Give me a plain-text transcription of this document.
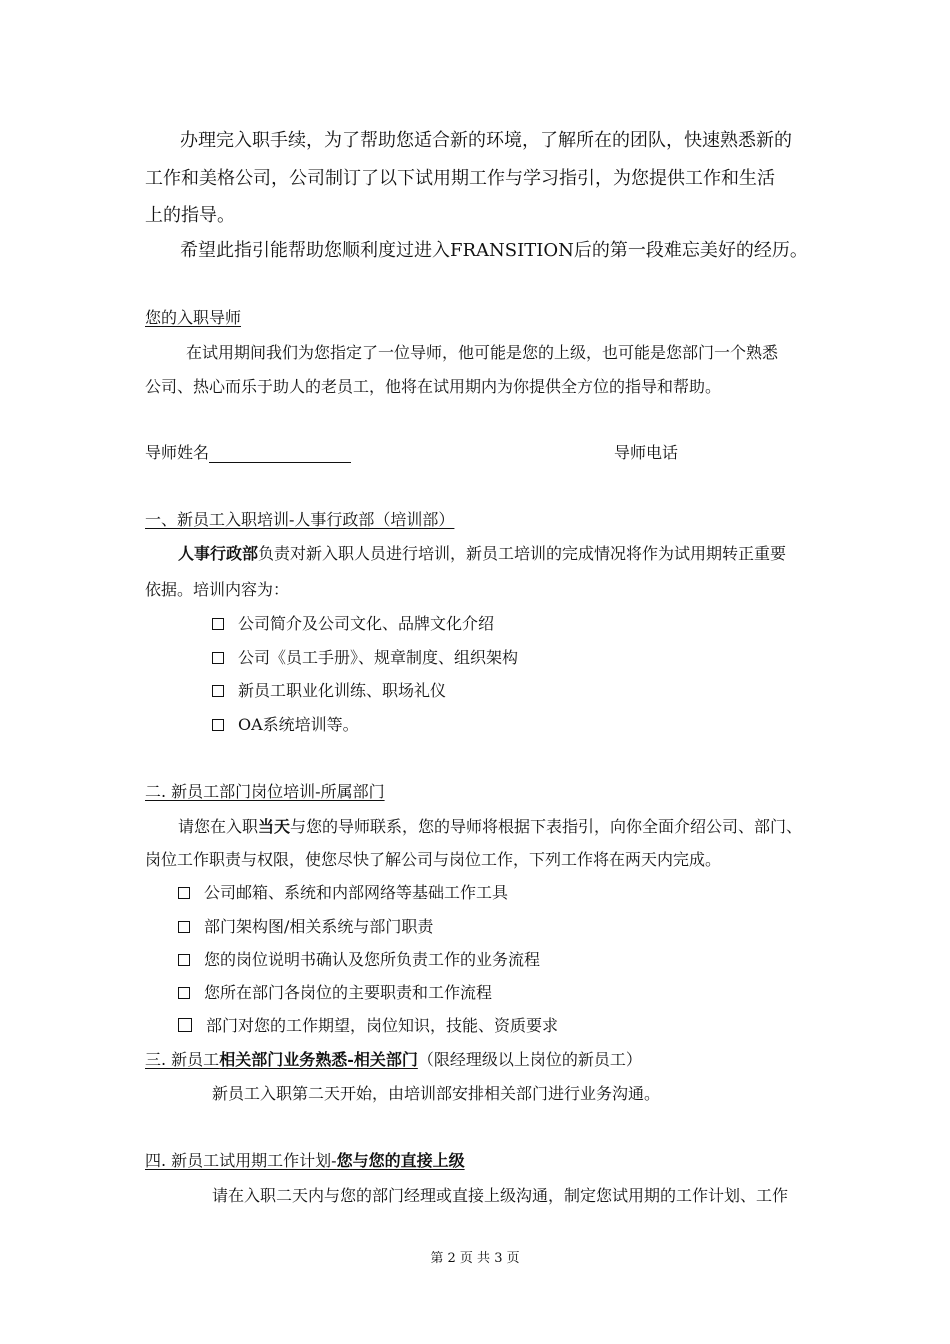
办理完入职手续，为了帮助您适合新的环境，了解所在的团队，快速熟悉新的
工作和美格公司，公司制订了以下试用期工作与学习指引，为您提供工作和生活
上的指导。
希望此指引能帮助您顺利度过进入FRANSITION后的第一段难忘美好的经历。
您的入职导师
在试用期间我们为您指定了一位导师，他可能是您的上级，也可能是您部门一个熟悉
公司、热心而乐于助人的老员工，他将在试用期内为你提供全方位的指导和帮助。
导师姓名	导师电话
一、新员工入职培训-人事行政部（培训部）
人事行政部负责对新入职人员进行培训，新员工培训的完成情况将作为试用期转正重要
依据。培训内容为：
公司简介及公司文化、品牌文化介绍
公司《员工手册》、规章制度、组织架构
新员工职业化训练、职场礼仪
OA系统培训等。
二. 新员工部门岗位培训-所属部门
请您在入职当天与您的导师联系，您的导师将根据下表指引，向你全面介绍公司、部门、
岗位工作职责与权限，使您尽快了解公司与岗位工作，下列工作将在两天内完成。
公司邮箱、系统和内部网络等基础工作工具
部门架构图/相关系统与部门职责
您的岗位说明书确认及您所负责工作的业务流程
您所在部门各岗位的主要职责和工作流程
部门对您的工作期望，岗位知识，技能、资质要求
三. 新员工相关部门业务熟悉-相关部门（限经理级以上岗位的新员工）
新员工入职第二天开始，由培训部安排相关部门进行业务沟通。
四. 新员工试用期工作计划-您与您的直接上级
请在入职二天内与您的部门经理或直接上级沟通，制定您试用期的工作计划、工作
第 2 页 共 3 页
